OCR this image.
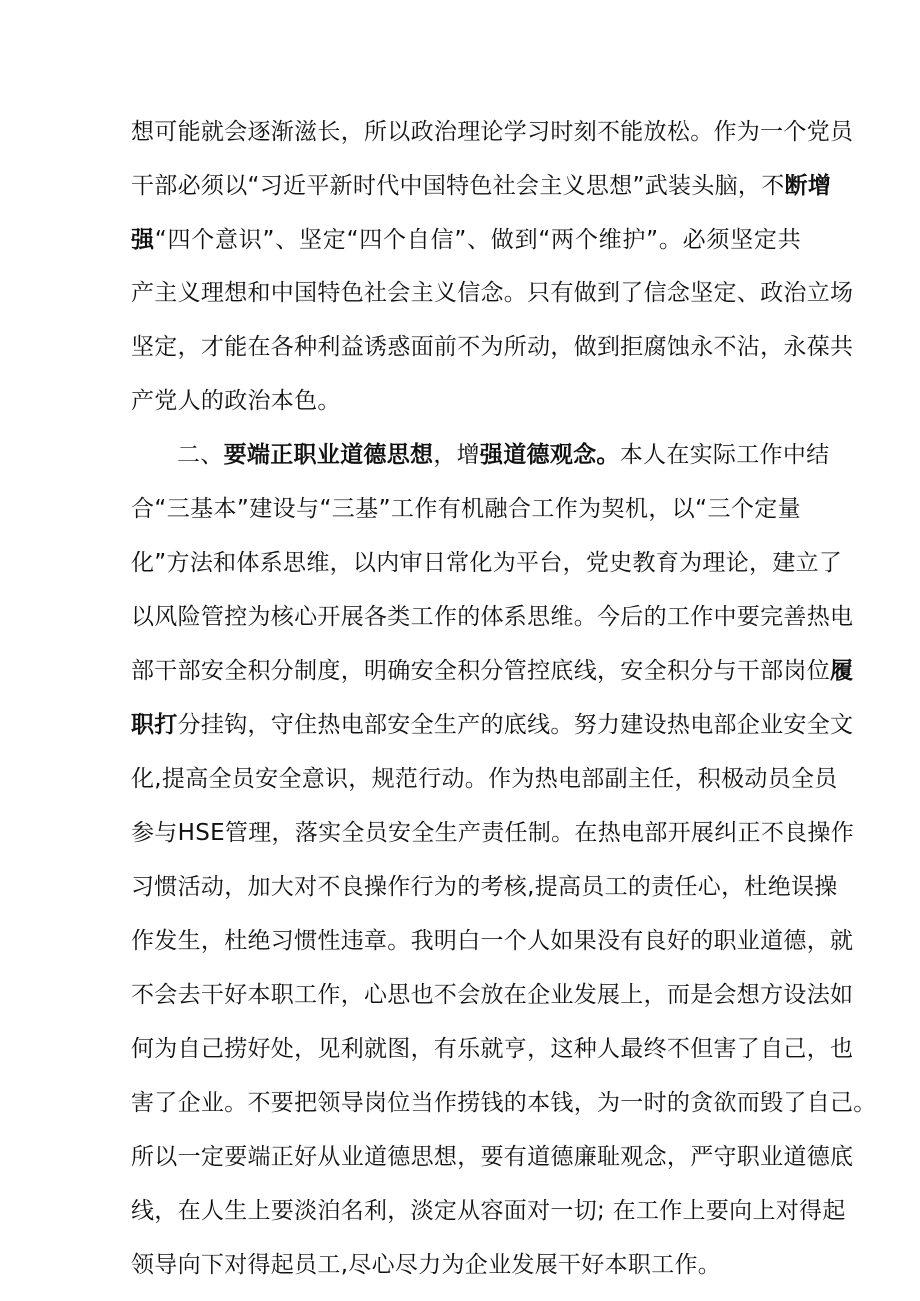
想可能就会逐渐滋长，所以政治理论学习时刻不能放松。作为一个党员
干部必须以“习近平新时代中国特色社会主义思想”武装头脑，不断增
强“四个意识”、坚定“四个自信”、做到“两个维护”。必须坚定共
产主义理想和中国特色社会主义信念。只有做到了信念坚定、政治立场
坚定，才能在各种利益诱惑面前不为所动，做到拒腐蚀永不沾，永葆共
产党人的政治本色。
二、要端正职业道德思想，增强道德观念。本人在实际工作中结
合“三基本”建设与“三基”工作有机融合工作为契机，以“三个定量
化”方法和体系思维，以内审日常化为平台，党史教育为理论，建立了
以风险管控为核心开展各类工作的体系思维。今后的工作中要完善热电
部干部安全积分制度，明确安全积分管控底线，安全积分与干部岗位履
职打分挂钩，守住热电部安全生产的底线。努力建设热电部企业安全文
化,提高全员安全意识，规范行动。作为热电部副主任，积极动员全员
参与HSE管理，落实全员安全生产责任制。在热电部开展纠正不良操作
习惯活动，加大对不良操作行为的考核,提高员工的责任心，杜绝误操
作发生，杜绝习惯性违章。我明白一个人如果没有良好的职业道德，就
不会去干好本职工作，心思也不会放在企业发展上，而是会想方设法如
何为自己捞好处，见利就图，有乐就亨，这种人最终不但害了自己，也
害了企业。不要把领导岗位当作捞钱的本钱，为一时的贪欲而毁了自己。
所以一定要端正好从业道德思想，要有道德廉耻观念，严守职业道德底
线，在人生上要淡泊名利，淡定从容面对一切; 在工作上要向上对得起
领导向下对得起员工,尽心尽力为企业发展干好本职工作。
